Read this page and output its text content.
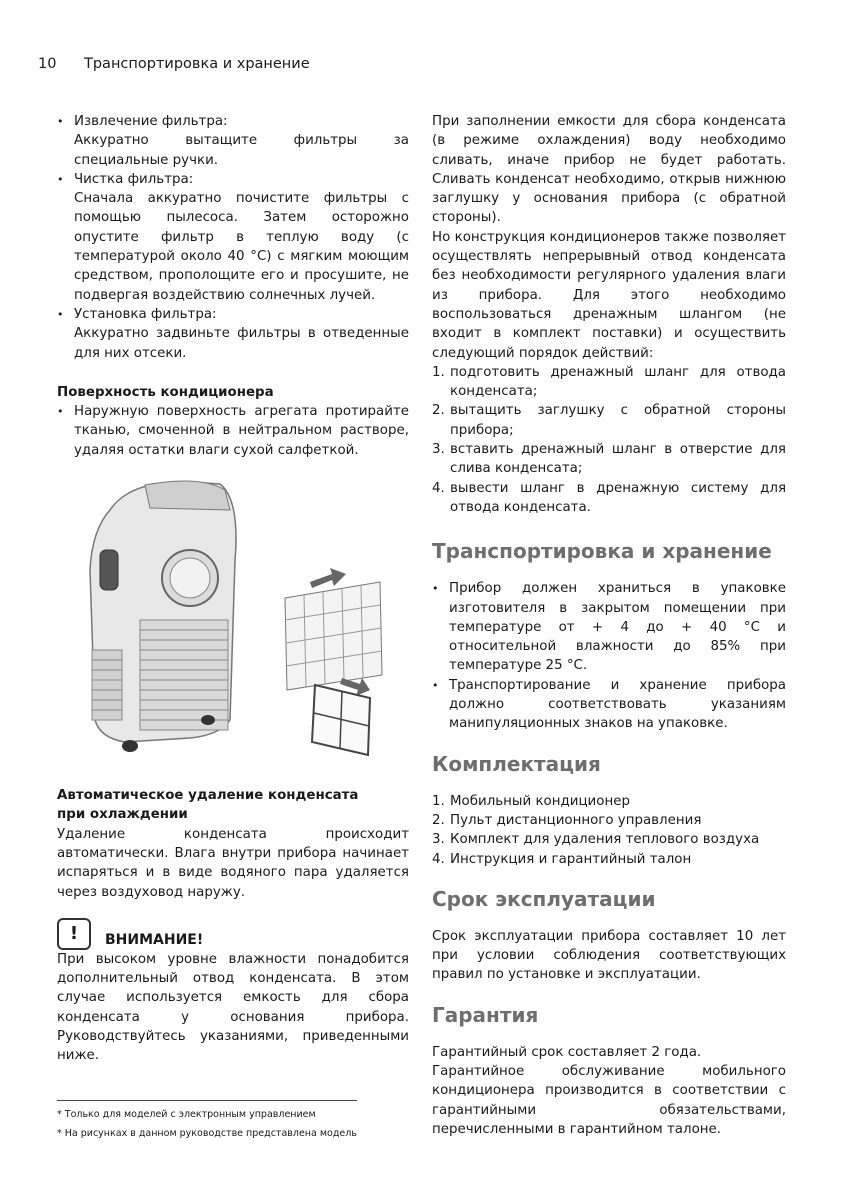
10 Транспортировка и хранение

• Извлечение фильтра:

Аккуратно вытащите фильтры за специальные ручки.

• Чистка фильтра:

Сначала аккуратно почистите фильтры с помощью пылесоса. Затем осторожно опустите фильтр в теплую воду (с температурой около 40 °С) с мягким моющим средством, прополощите его и просушите, не подвергая воздействию солнечных лучей.

• Установка фильтра:

Аккуратно задвиньте фильтры в отведенные для них отсеки.

Поверхность кондиционера

• Наружную поверхность агрегата протирайте тканью, смоченной в нейтральном растворе, удаляя остатки влаги сухой салфеткой.

Автоматическое удаление конденсата

при охлаждении

Удаление конденсата происходит автоматически. Влага внутри прибора начинает испаряться и в виде водяного пара удаляется через воздуховод наружу.

!	ВНИМАНИЕ!

При высоком уровне влажности понадобится дополнительный отвод конденсата. В этом случае используется емкость для сбора конденсата у основания прибора. Руководствуйтесь указаниями, приведенными ниже.

При заполнении емкости для сбора конденсата (в режиме охлаждения) воду необходимо сливать, иначе прибор не будет работать. Сливать конденсат необходимо, открыв нижнюю заглушку у основания прибора (с обратной стороны).

Но конструкция кондиционеров также позволяет осуществлять непрерывный отвод конденсата без необходимости регулярного удаления влаги из прибора. Для этого необходимо воспользоваться дренажным шлангом (не входит в комплект поставки) и осуществить следующий порядок действий:

1. подготовить дренажный шланг для отвода конденсата;
2. вытащить заглушку с обратной стороны прибора;
3. вставить дренажный шланг в отверстие для слива конденсата;
4. вывести шланг в дренажную систему для отвода конденсата.

Транспортировка и хранение

• Прибор должен храниться в упаковке изготовителя в закрытом помещении при температуре от + 4 до + 40 °С и относительной влажности до 85% при температуре 25 °С.

• Транспортирование и хранение прибора должно соответствовать указаниям манипуляционных знаков на упаковке.

Комплектация

1. Мобильный кондиционер
2. Пульт дистанционного управления
3. Комплект для удаления теплового воздуха
4. Инструкция и гарантийный талон

Срок эксплуатации

Срок эксплуатации прибора составляет 10 лет при условии соблюдения соответствующих правил по установке и эксплуатации.

Гарантия

Гарантийный срок составляет 2 года.

Гарантийное обслуживание мобильного кондиционера производится в соответствии с гарантийными обязательствами, перечисленными в гарантийном талоне.

* Только для моделей с электронным управлением
* На рисунках в данном руководстве представлена модель
